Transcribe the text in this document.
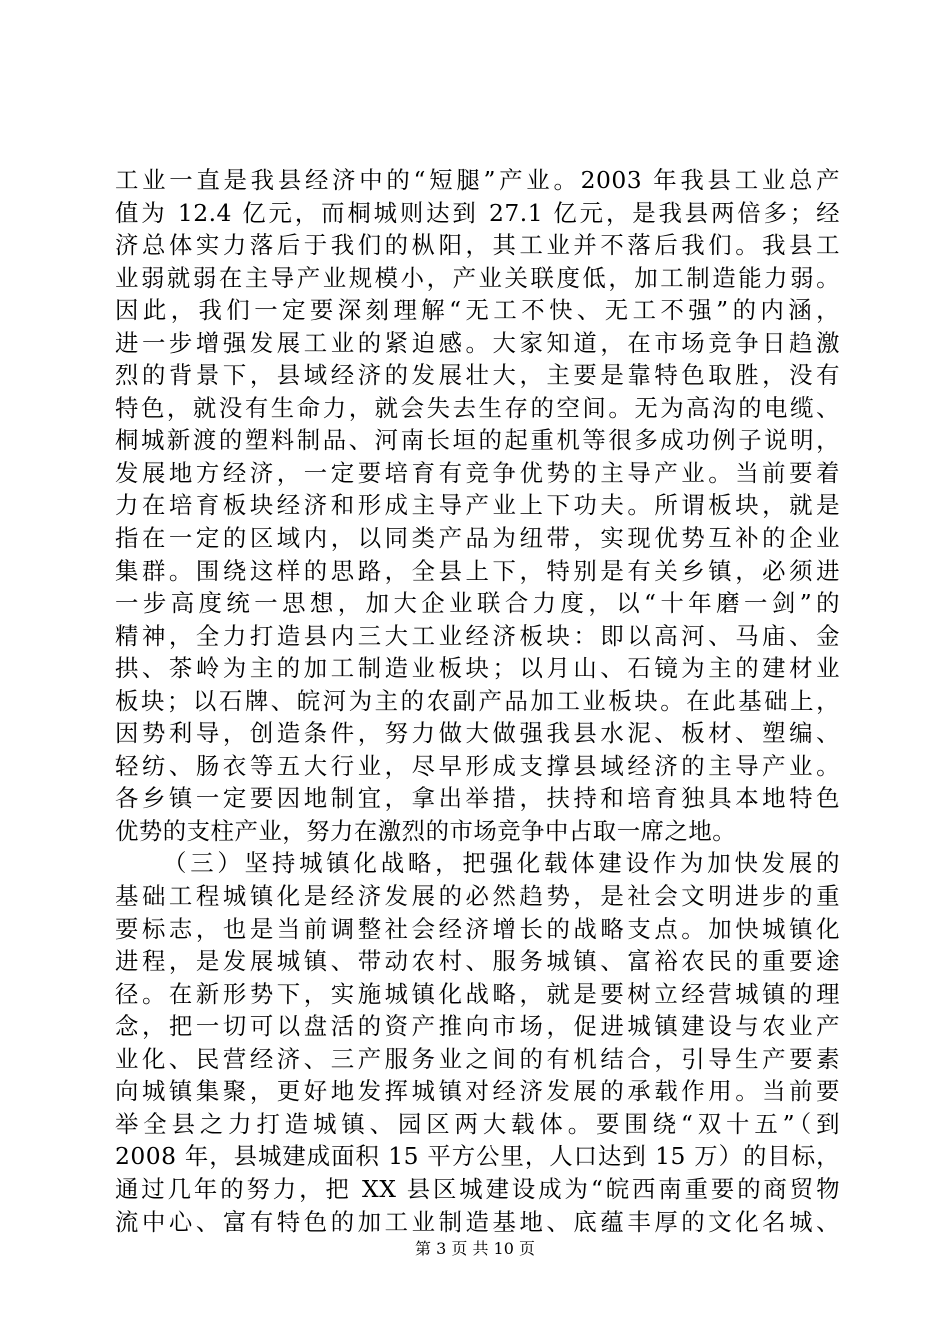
工业一直是我县经济中的“短腿”产业。2003 年我县工业总产
值为 12.4 亿元，而桐城则达到 27.1 亿元，是我县两倍多；经
济总体实力落后于我们的枞阳，其工业并不落后我们。我县工
业弱就弱在主导产业规模小，产业关联度低，加工制造能力弱。
因此，我们一定要深刻理解“无工不快、无工不强”的内涵，
进一步增强发展工业的紧迫感。大家知道，在市场竞争日趋激
烈的背景下，县域经济的发展壮大，主要是靠特色取胜，没有
特色，就没有生命力，就会失去生存的空间。无为高沟的电缆、
桐城新渡的塑料制品、河南长垣的起重机等很多成功例子说明，
发展地方经济，一定要培育有竞争优势的主导产业。当前要着
力在培育板块经济和形成主导产业上下功夫。所谓板块，就是
指在一定的区域内，以同类产品为纽带，实现优势互补的企业
集群。围绕这样的思路，全县上下，特别是有关乡镇，必须进
一步高度统一思想，加大企业联合力度，以“十年磨一剑”的
精神，全力打造县内三大工业经济板块：即以高河、马庙、金
拱、茶岭为主的加工制造业板块；以月山、石镜为主的建材业
板块；以石牌、皖河为主的农副产品加工业板块。在此基础上，
因势利导，创造条件，努力做大做强我县水泥、板材、塑编、
轻纺、肠衣等五大行业，尽早形成支撑县域经济的主导产业。
各乡镇一定要因地制宜，拿出举措，扶持和培育独具本地特色
优势的支柱产业，努力在激烈的市场竞争中占取一席之地。
（三）坚持城镇化战略，把强化载体建设作为加快发展的
基础工程城镇化是经济发展的必然趋势，是社会文明进步的重
要标志，也是当前调整社会经济增长的战略支点。加快城镇化
进程，是发展城镇、带动农村、服务城镇、富裕农民的重要途
径。在新形势下，实施城镇化战略，就是要树立经营城镇的理
念，把一切可以盘活的资产推向市场，促进城镇建设与农业产
业化、民营经济、三产服务业之间的有机结合，引导生产要素
向城镇集聚，更好地发挥城镇对经济发展的承载作用。当前要
举全县之力打造城镇、园区两大载体。要围绕“双十五”（到
2008 年，县城建成面积 15 平方公里，人口达到 15 万）的目标，
通过几年的努力，把 XX 县区城建设成为“皖西南重要的商贸物
流中心、富有特色的加工业制造基地、底蕴丰厚的文化名城、
第 3 页 共 10 页
